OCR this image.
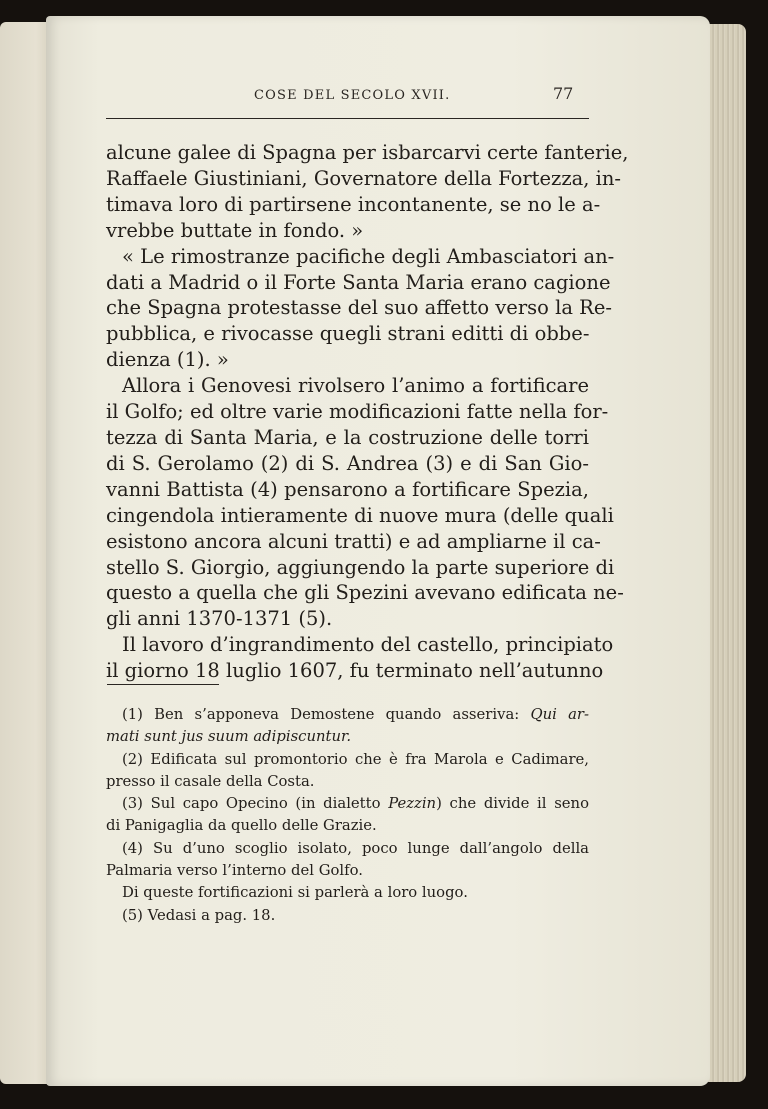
COSE DEL SECOLO XVII.	77
alcune galee di Spagna per isbarcarvi certe fanterie,
Raffaele Giustiniani, Governatore della Fortezza, in-
timava loro di partirsene incontanente, se no le a-
vrebbe buttate in fondo. »
« Le rimostranze pacifiche degli Ambasciatori an-
dati a Madrid o il Forte Santa Maria erano cagione
che Spagna protestasse del suo affetto verso la Re-
pubblica, e rivocasse quegli strani editti di obbe-
dienza (1). »
Allora i Genovesi rivolsero l’animo a fortificare
il Golfo; ed oltre varie modificazioni fatte nella for-
tezza di Santa Maria, e la costruzione delle torri
di S. Gerolamo (2) di S. Andrea (3) e di San Gio-
vanni Battista (4) pensarono a fortificare Spezia,
cingendola intieramente di nuove mura (delle quali
esistono ancora alcuni tratti) e ad ampliarne il ca-
stello S. Giorgio, aggiungendo la parte superiore di
questo a quella che gli Spezini avevano edificata ne-
gli anni 1370-1371 (5).
Il lavoro d’ingrandimento del castello, principiato
il giorno 18 luglio 1607, fu terminato nell’autunno
(1) Ben s’apponeva Demostene quando asseriva: Qui ar-
mati sunt jus suum adipiscuntur.
(2) Edificata sul promontorio che è fra Marola e Cadimare,
presso il casale della Costa.
(3) Sul capo Opecino (in dialetto Pezzin) che divide il seno
di Panigaglia da quello delle Grazie.
(4) Su d’uno scoglio isolato, poco lunge dall’angolo della
Palmaria verso l’interno del Golfo.
Di queste fortificazioni si parlerà a loro luogo.
(5) Vedasi a pag. 18.
